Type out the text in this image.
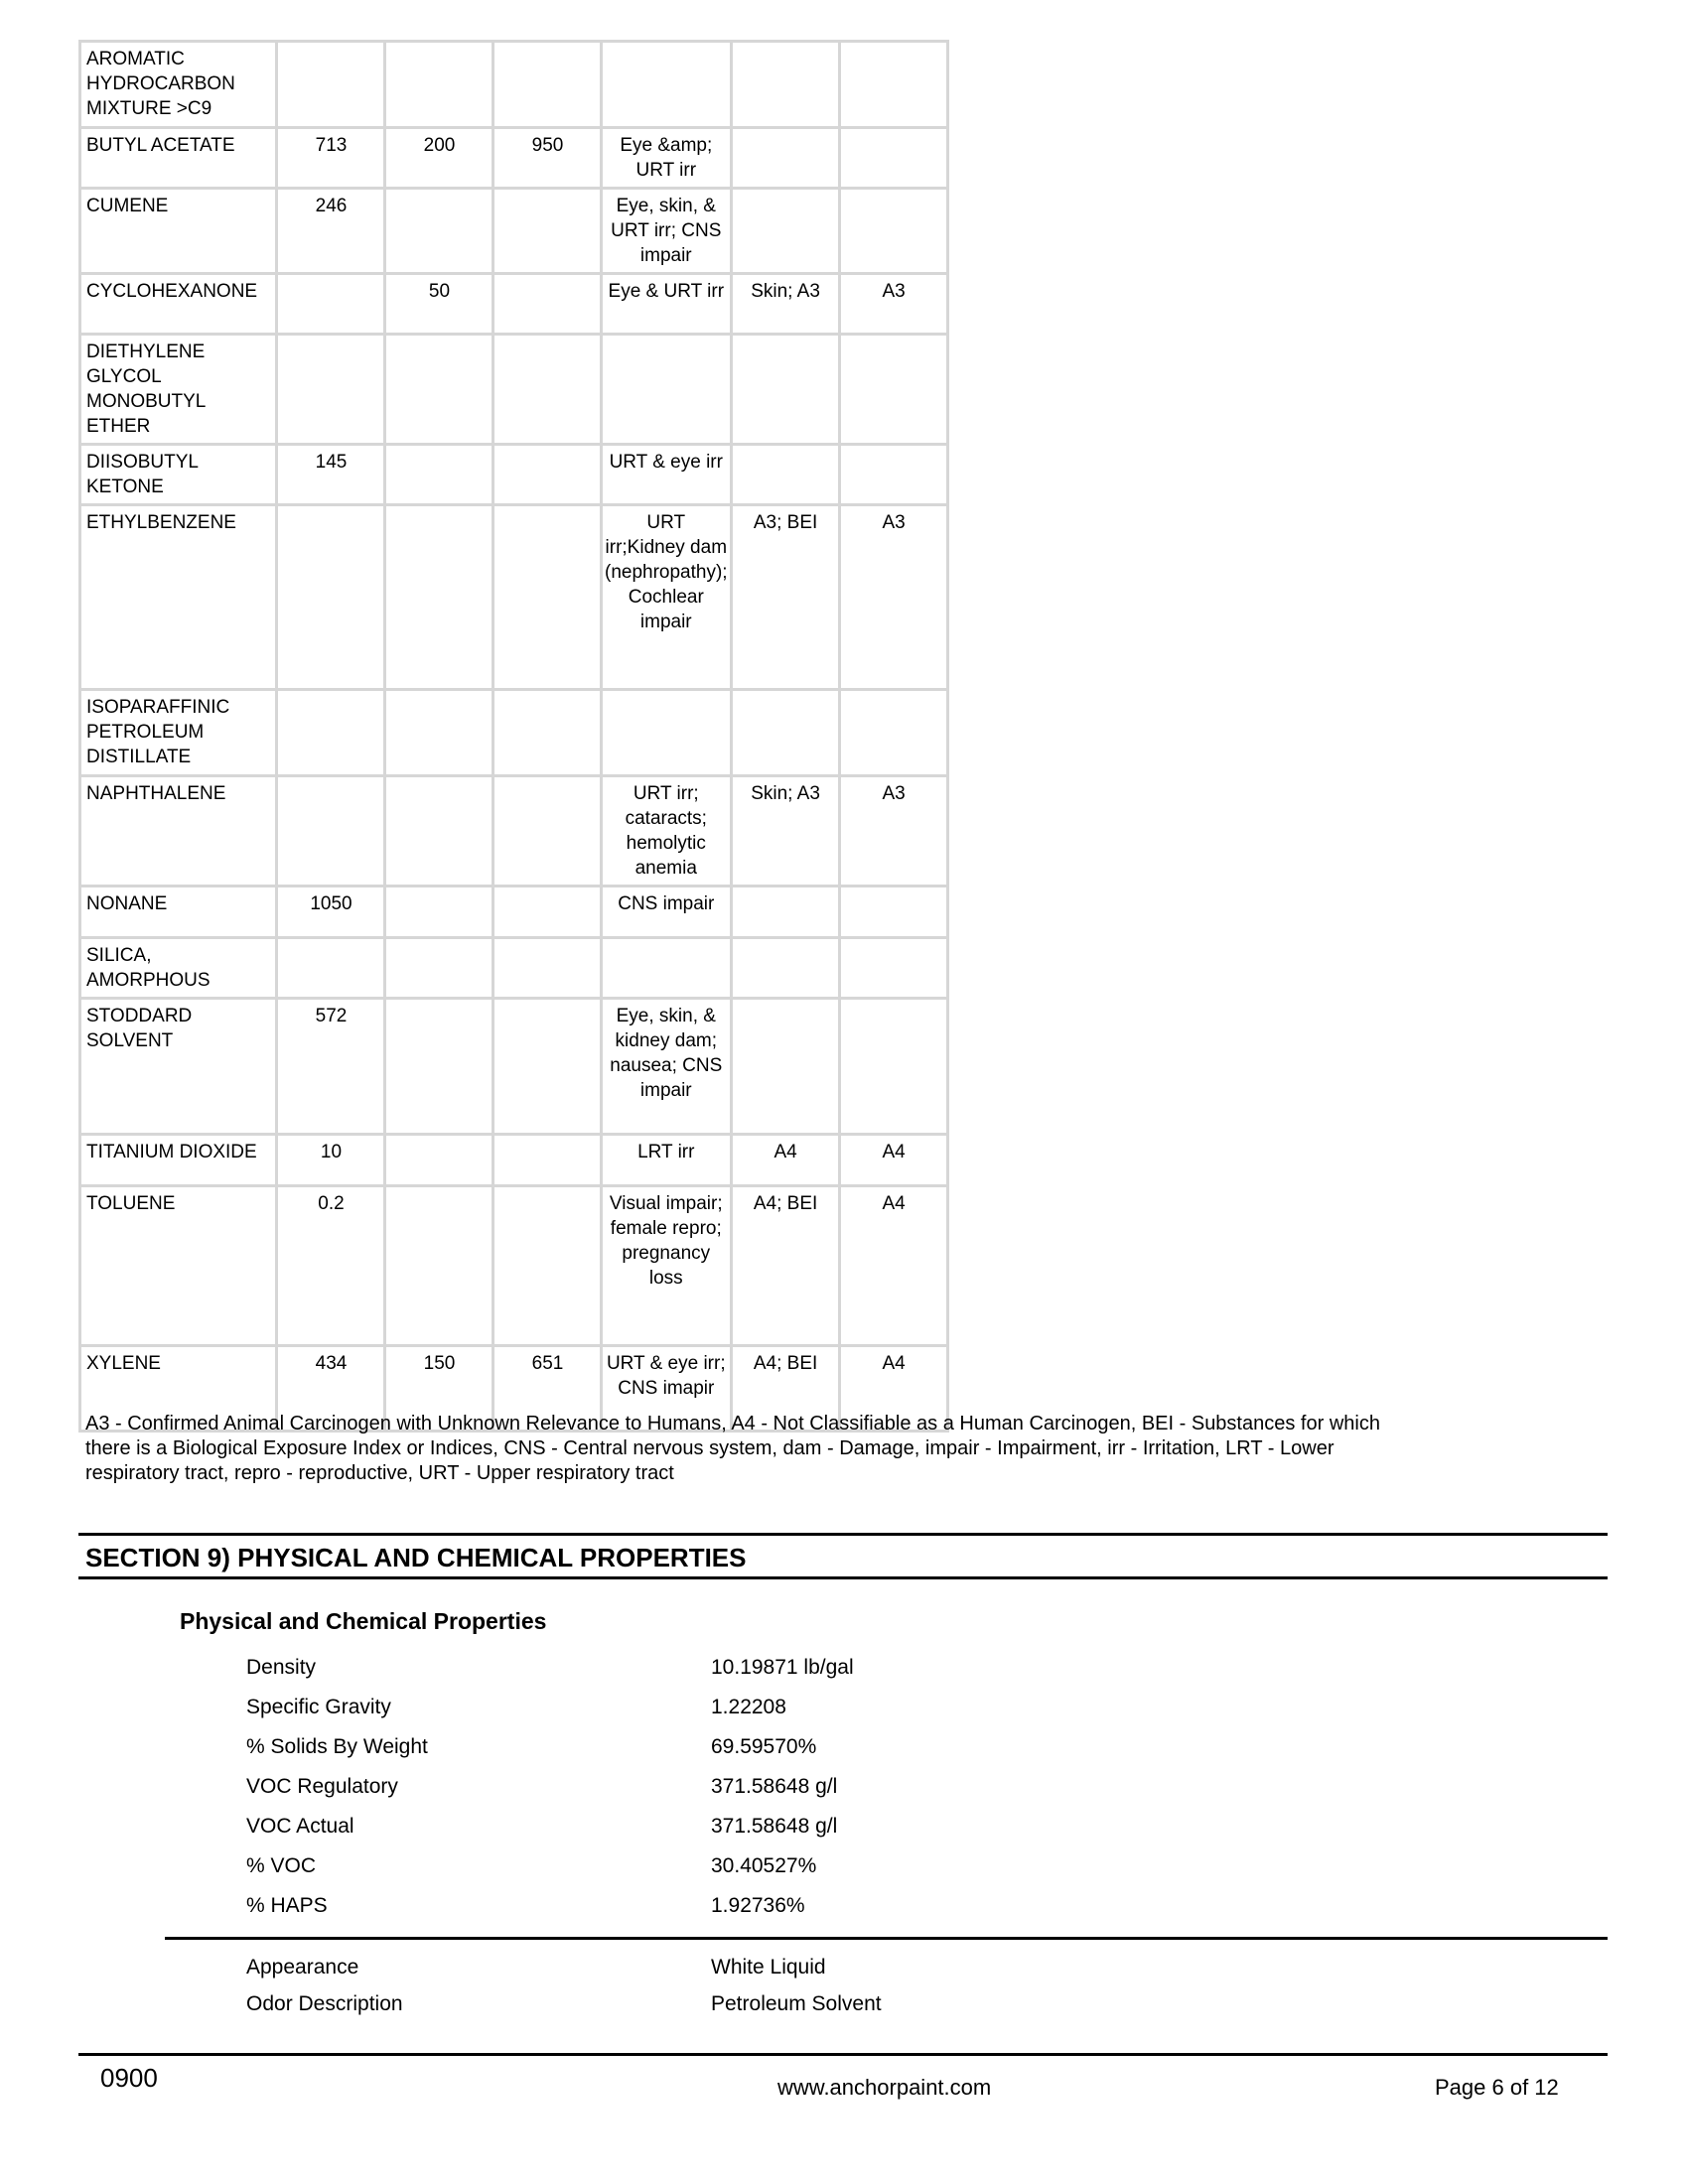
AROMATIC HYDROCARBON MIXTURE >C9						
BUTYL ACETATE	713	200	950	Eye &amp; URT irr		
CUMENE	246			Eye, skin, & URT irr; CNS impair		
CYCLOHEXANONE		50		Eye & URT irr	Skin; A3	A3
DIETHYLENE GLYCOL MONOBUTYL ETHER						
DIISOBUTYL KETONE	145			URT & eye irr		
ETHYLBENZENE				URT irr;Kidney dam (nephropathy); Cochlear impair	A3; BEI	A3
ISOPARAFFINIC PETROLEUM DISTILLATE						
NAPHTHALENE				URT irr; cataracts; hemolytic anemia	Skin; A3	A3
NONANE	1050			CNS impair		
SILICA, AMORPHOUS						
STODDARD SOLVENT	572			Eye, skin, & kidney dam; nausea; CNS impair		
TITANIUM DIOXIDE	10			LRT irr	A4	A4
TOLUENE	0.2			Visual impair; female repro; pregnancy loss	A4; BEI	A4
XYLENE	434	150	651	URT & eye irr; CNS imapir	A4; BEI	A4
A3 - Confirmed Animal Carcinogen with Unknown Relevance to Humans, A4 - Not Classifiable as a Human Carcinogen, BEI - Substances for which
there is a Biological Exposure Index or Indices, CNS - Central nervous system, dam - Damage, impair - Impairment, irr - Irritation, LRT - Lower
respiratory tract, repro - reproductive, URT - Upper respiratory tract
SECTION 9) PHYSICAL AND CHEMICAL PROPERTIES
Physical and Chemical Properties
Density	10.19871 lb/gal
Specific Gravity	1.22208
% Solids By Weight	69.59570%
VOC Regulatory	371.58648 g/l
VOC Actual	371.58648 g/l
% VOC	30.40527%
% HAPS	1.92736%
Appearance	White Liquid
Odor Description	Petroleum Solvent
0900	www.anchorpaint.com	Page 6 of 12
